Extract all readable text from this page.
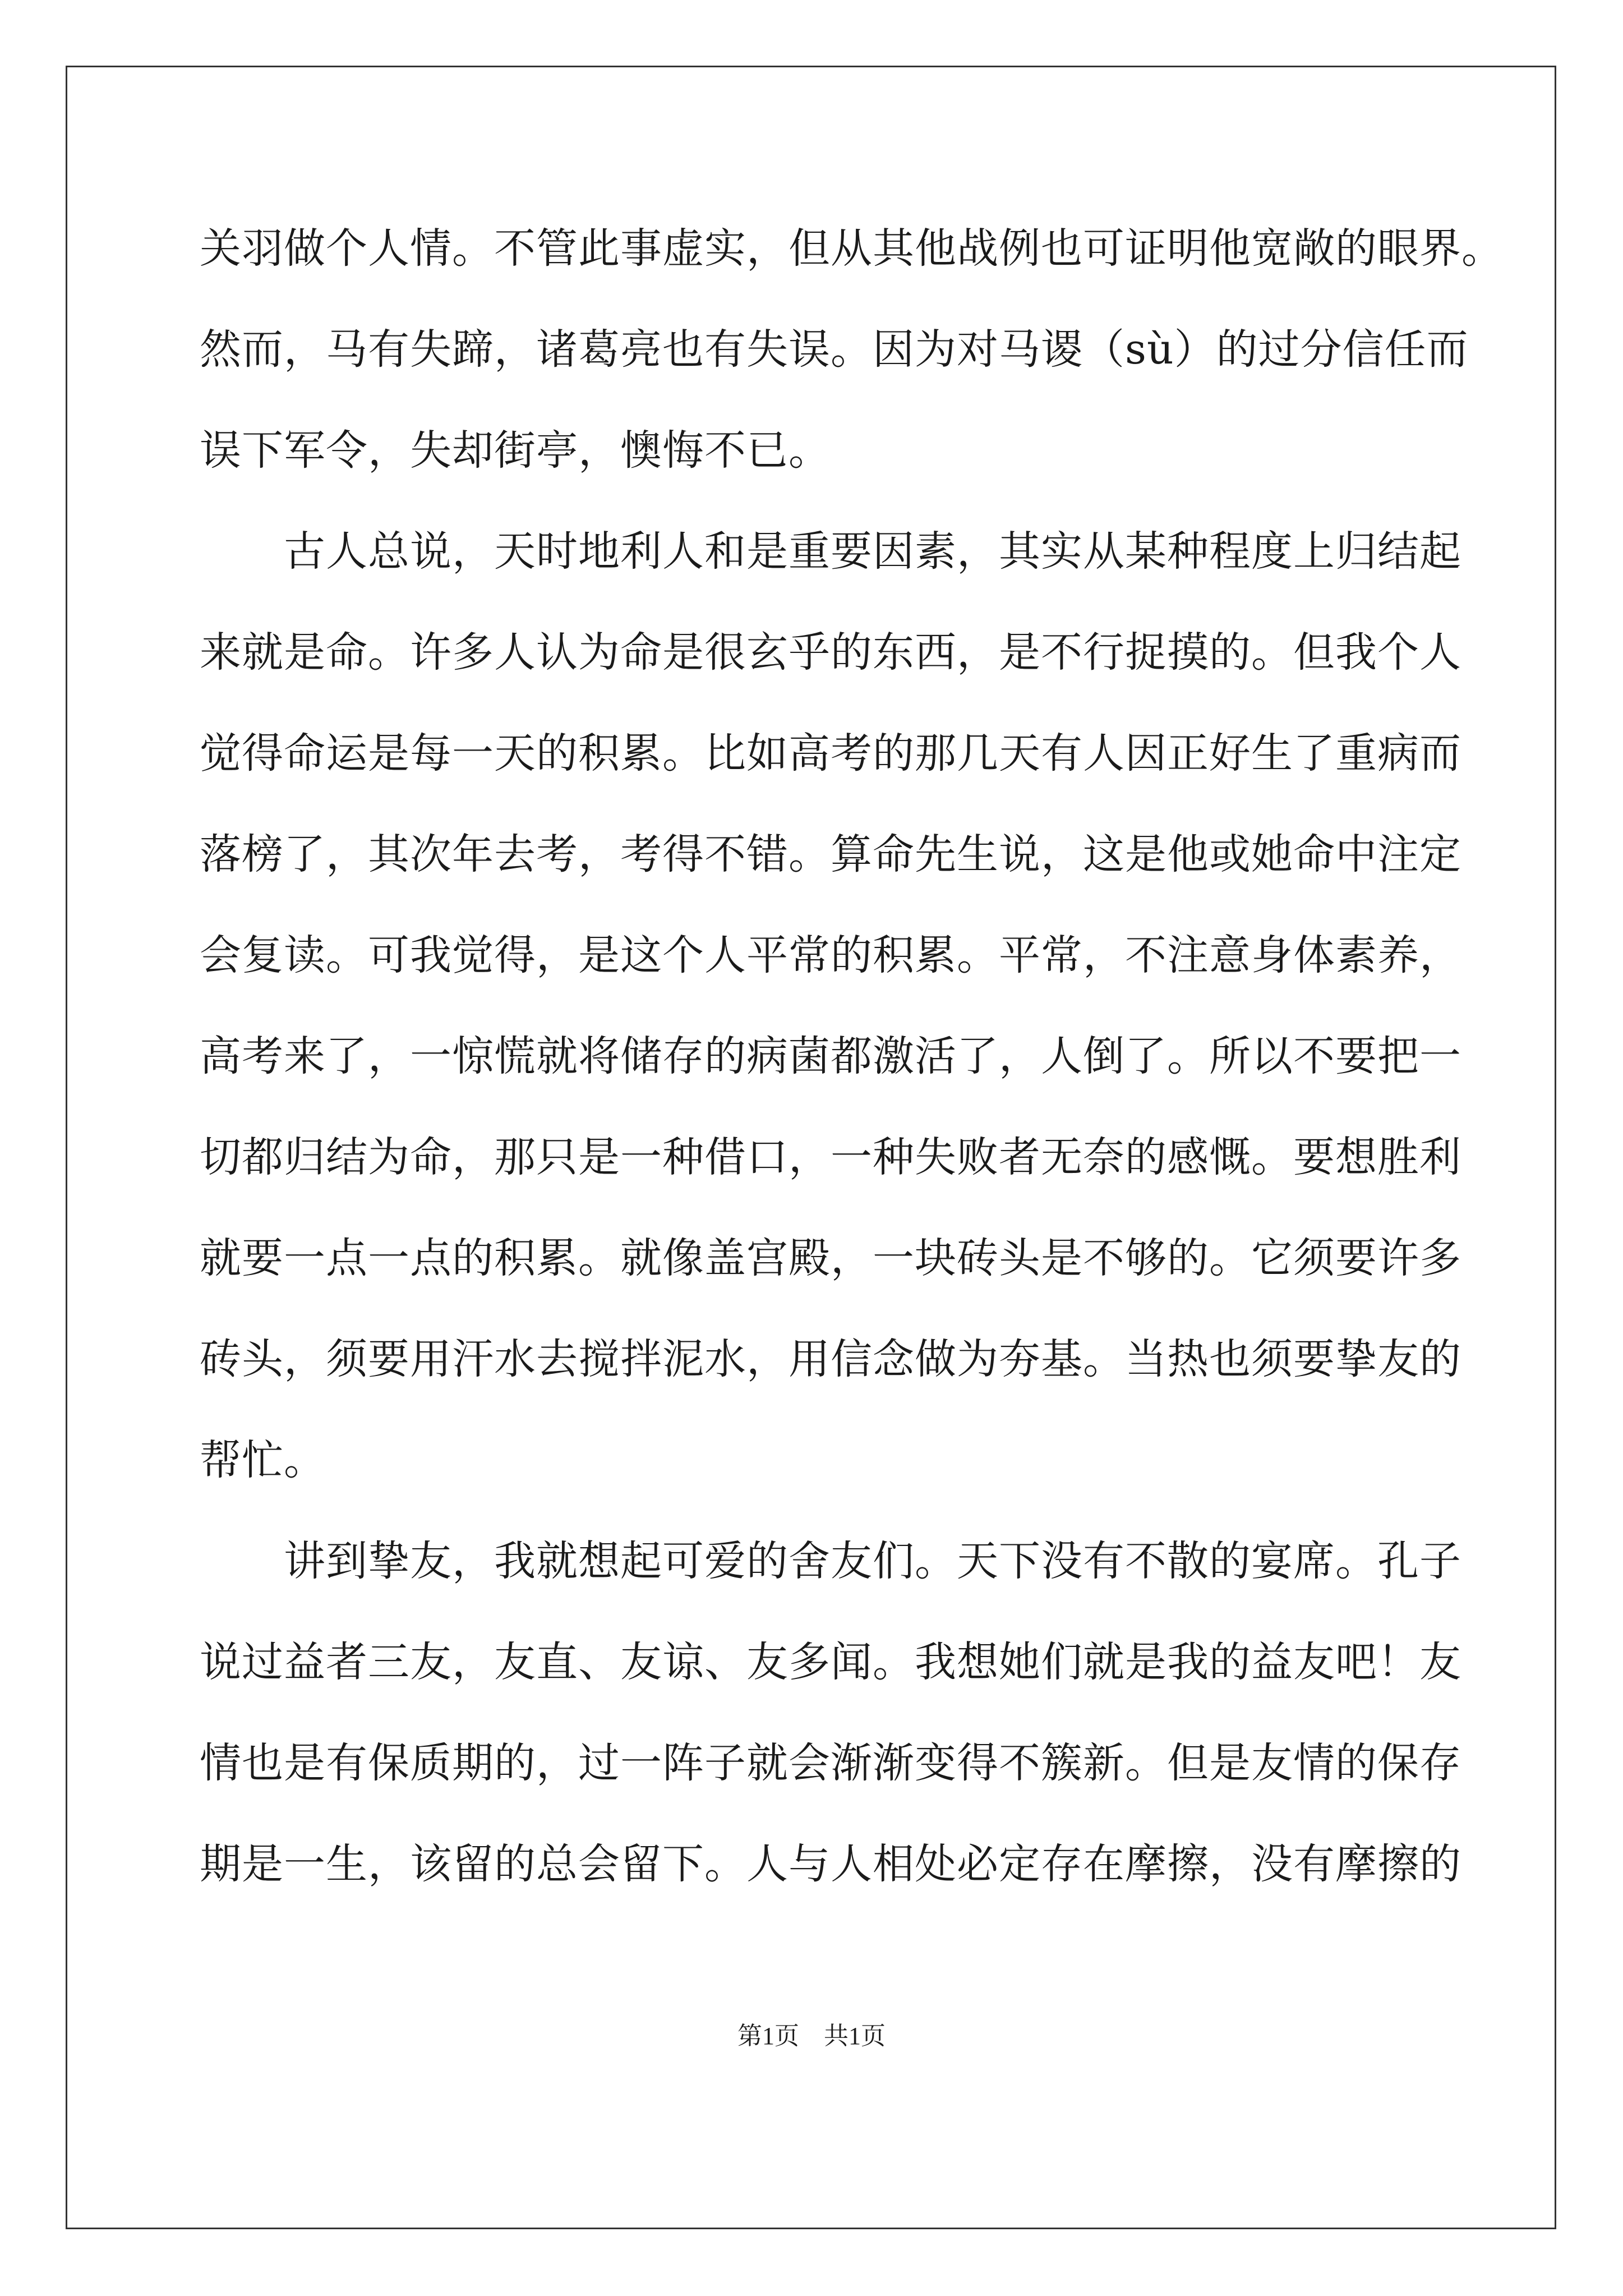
关羽做个人情。不管此事虚实，但从其他战例也可证明他宽敞的眼界。

然而，马有失蹄，诸葛亮也有失误。因为对马谡（sù）的过分信任而

误下军令，失却街亭，懊悔不已。

　　古人总说，天时地利人和是重要因素，其实从某种程度上归结起

来就是命。许多人认为命是很玄乎的东西，是不行捉摸的。但我个人

觉得命运是每一天的积累。比如高考的那几天有人因正好生了重病而

落榜了，其次年去考，考得不错。算命先生说，这是他或她命中注定

会复读。可我觉得，是这个人平常的积累。平常，不注意身体素养，

高考来了，一惊慌就将储存的病菌都激活了，人倒了。所以不要把一

切都归结为命，那只是一种借口，一种失败者无奈的感慨。要想胜利

就要一点一点的积累。就像盖宫殿，一块砖头是不够的。它须要许多

砖头，须要用汗水去搅拌泥水，用信念做为夯基。当热也须要挚友的

帮忙。

　　讲到挚友，我就想起可爱的舍友们。天下没有不散的宴席。孔子

说过益者三友，友直、友谅、友多闻。我想她们就是我的益友吧！友

情也是有保质期的，过一阵子就会渐渐变得不簇新。但是友情的保存

期是一生，该留的总会留下。人与人相处必定存在摩擦，没有摩擦的

第1页　共1页
